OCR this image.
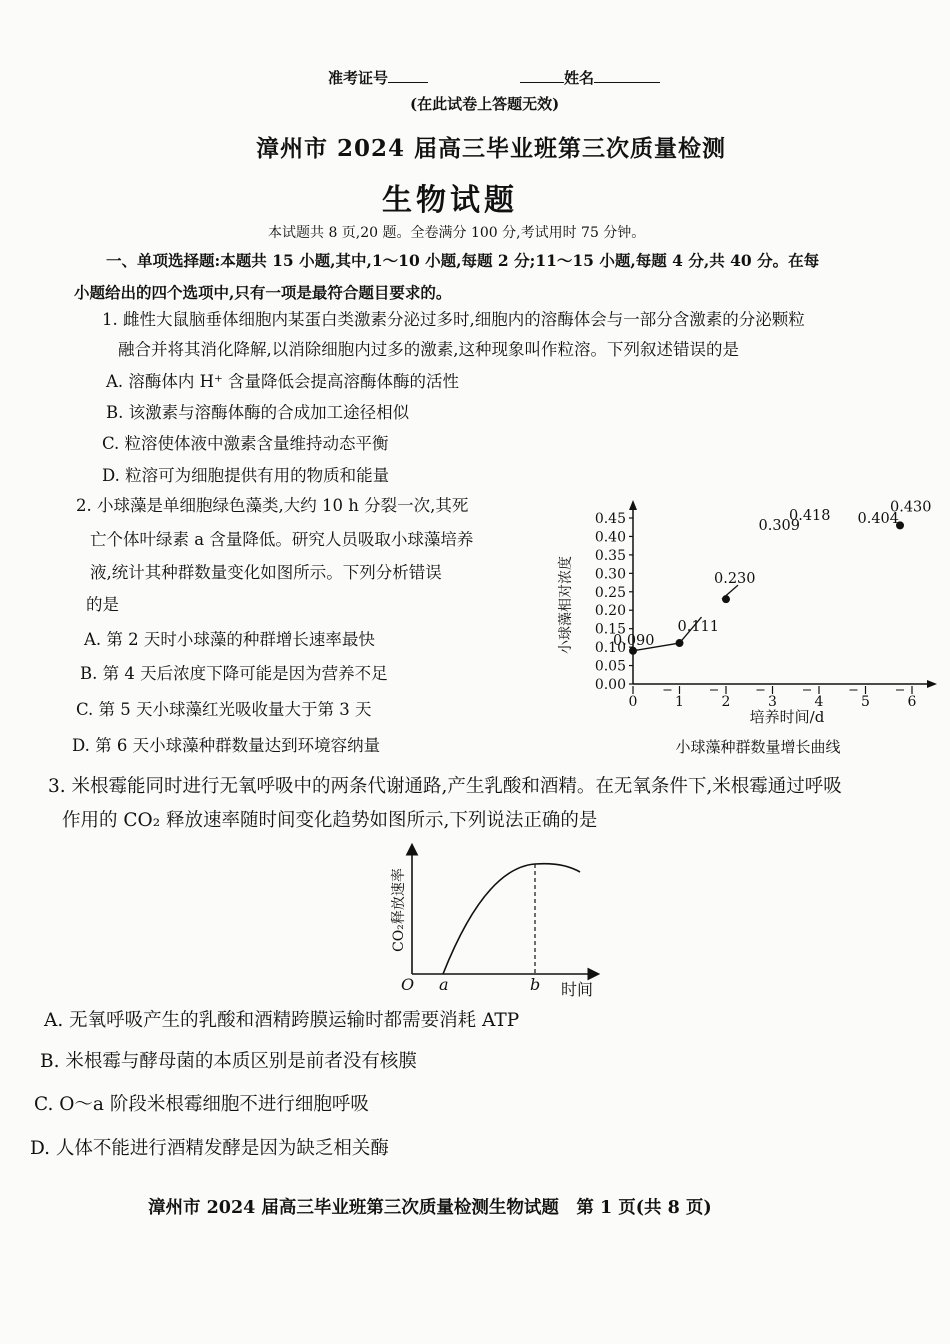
准考证号	姓名
(在此试卷上答题无效)
漳州市 2024 届高三毕业班第三次质量检测
生物试题
本试题共 8 页,20 题。全卷满分 100 分,考试用时 75 分钟。
一、单项选择题:本题共 15 小题,其中,1～10 小题,每题 2 分;11～15 小题,每题 4 分,共 40 分。在每
小题给出的四个选项中,只有一项是最符合题目要求的。
1. 雌性大鼠脑垂体细胞内某蛋白类激素分泌过多时,细胞内的溶酶体会与一部分含激素的分泌颗粒
融合并将其消化降解,以消除细胞内过多的激素,这种现象叫作粒溶。下列叙述错误的是
A. 溶酶体内 H⁺ 含量降低会提高溶酶体酶的活性
B. 该激素与溶酶体酶的合成加工途径相似
C. 粒溶使体液中激素含量维持动态平衡
D. 粒溶可为细胞提供有用的物质和能量
2. 小球藻是单细胞绿色藻类,大约 10 h 分裂一次,其死
亡个体叶绿素 a 含量降低。研究人员吸取小球藻培养
液,统计其种群数量变化如图所示。下列分析错误
的是
A. 第 2 天时小球藻的种群增长速率最快
B. 第 4 天后浓度下降可能是因为营养不足
C. 第 5 天小球藻红光吸收量大于第 3 天
D. 第 6 天小球藻种群数量达到环境容纳量
0.00
0.05
0.10
0.15
0.20
0.25
0.30
0.35
0.40
0.45
0	1	2	3	4	5	6
0.090
0.111
0.230
0.309
0.418 0.404
0.430
小球藻相对浓度
培养时间/d
小球藻种群数量增长曲线
3. 米根霉能同时进行无氧呼吸中的两条代谢通路,产生乳酸和酒精。在无氧条件下,米根霉通过呼吸
作用的 CO₂ 释放速率随时间变化趋势如图所示,下列说法正确的是
O a	b 时间
CO₂释放速率
A. 无氧呼吸产生的乳酸和酒精跨膜运输时都需要消耗 ATP
B. 米根霉与酵母菌的本质区别是前者没有核膜
C. O～a 阶段米根霉细胞不进行细胞呼吸
D. 人体不能进行酒精发酵是因为缺乏相关酶
漳州市 2024 届高三毕业班第三次质量检测生物试题　第 1 页(共 8 页)
